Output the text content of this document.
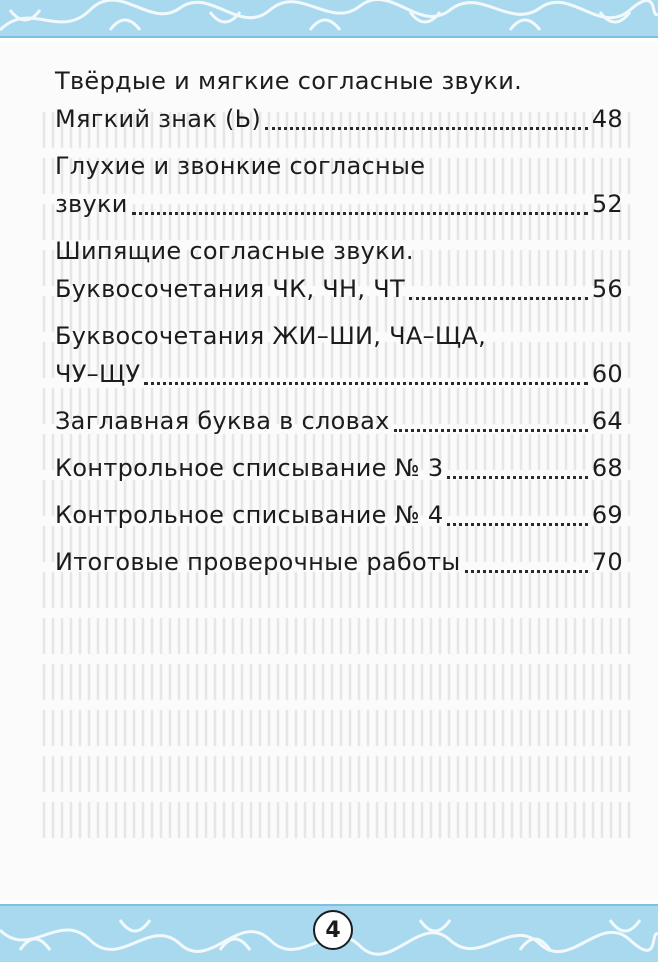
Твёрдые и мягкие согласные звуки.
Мягкий знак (Ь)	48
Глухие и звонкие согласные
звуки	52
Шипящие согласные звуки.
Буквосочетания ЧК, ЧН, ЧТ	56
Буквосочетания ЖИ–ШИ, ЧА–ЩА,
ЧУ–ЩУ	60
Заглавная буква в словах	64
Контрольное списывание № 3	68
Контрольное списывание № 4	69
Итоговые проверочные работы	70
4
